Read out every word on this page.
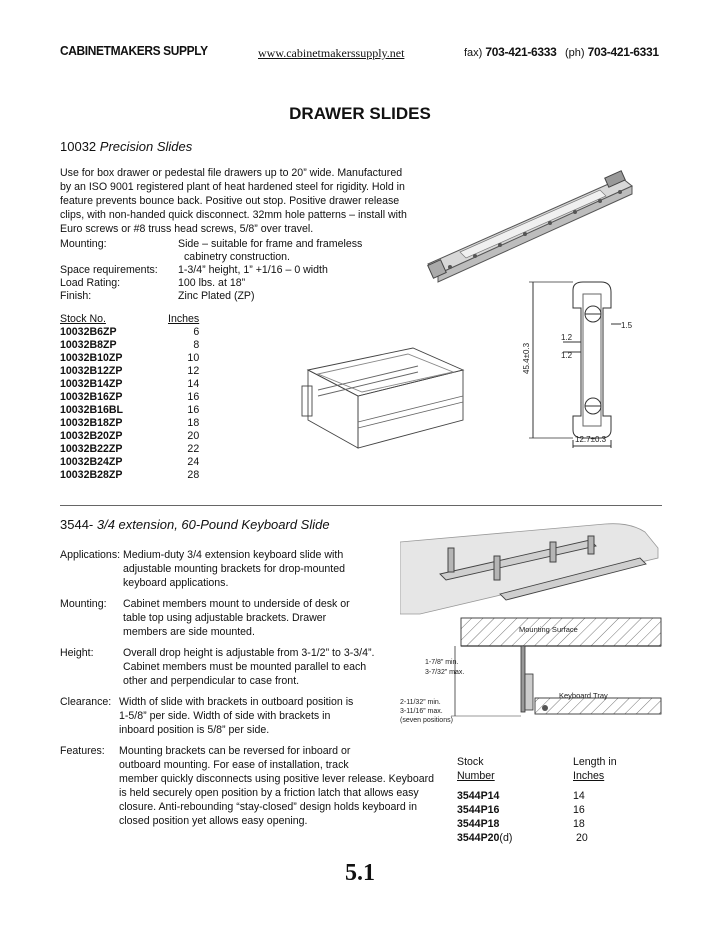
CABINETMAKERS SUPPLY	www.cabinetmakerssupply.net	fax) 703-421-6333 (ph) 703-421-6331
DRAWER SLIDES
10032 Precision Slides
Use for box drawer or pedestal file drawers up to 20” wide. Manufactured
by an ISO 9001 registered plant of heat hardened steel for rigidity. Hold in
feature prevents bounce back. Positive out stop. Positive drawer release
clips, with non-handed quick disconnect. 32mm hole patterns – install with
Euro screws or #8 truss head screws, 5/8” over travel.
Mounting:	Side – suitable for frame and frameless
	cabinetry construction.
Space requirements:	1-3/4” height, 1” +1/16 – 0 width
Load Rating:	100 lbs. at 18”
Finish:	Zinc Plated (ZP)
Stock No.	Inches
10032B6ZP	6
10032B8ZP	8
10032B10ZP	10
10032B12ZP	12
10032B14ZP	14
10032B16ZP	16
10032B16BL	16
10032B18ZP	18
10032B20ZP	20
10032B22ZP	22
10032B24ZP	24
10032B28ZP	28
1.5
1.2
1.2
45.4±0.3
12.7±0.3
3544- 3/4 extension, 60-Pound Keyboard Slide
Applications: Medium-duty 3/4 extension keyboard slide with
adjustable mounting brackets for drop-mounted
keyboard applications.
Mounting:	Cabinet members mount to underside of desk or
table top using adjustable brackets. Drawer
members are side mounted.
Height:	Overall drop height is adjustable from 3-1/2” to 3-3/4”.
Cabinet members must be mounted parallel to each
other and perpendicular to case front.
Clearance: Width of slide with brackets in outboard position is
1-5/8” per side. Width of side with brackets in
inboard position is 5/8” per side.
Features:	Mounting brackets can be reversed for inboard or
outboard mounting. For ease of installation, track
member quickly disconnects using positive lever release. Keyboard
is held securely open position by a friction latch that allows easy
closure. Anti-rebounding “stay-closed” design holds keyboard in
closed position yet allows easy opening.
Stock	Length in
Number	Inches
3544P14	14
3544P16	16
3544P18	18
3544P20(d)	20
Mounting Surface
1-7/8” min.
3-7/32” max.
Keyboard Tray
2-11/32” min.
3-11/16” max.
(seven positions)
5.1
